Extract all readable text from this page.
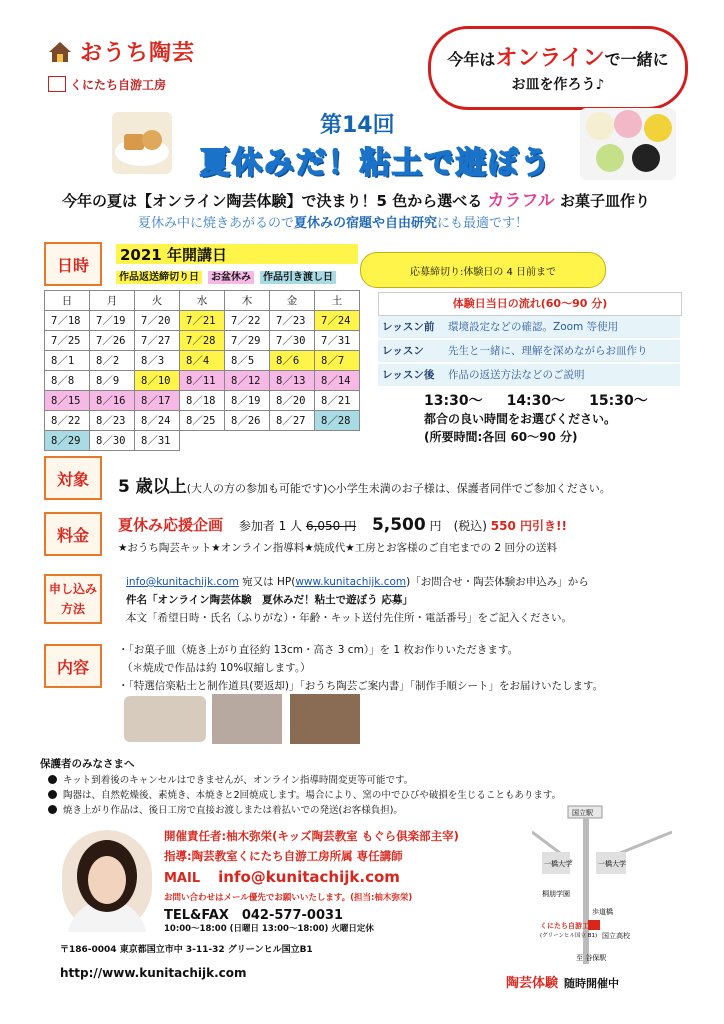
おうち陶芸
くにたち自游工房
今年はオンラインで一緒に
お皿を作ろう♪
第14回
夏休みだ！粘土で遊ぼう
今年の夏は【オンライン陶芸体験】で決まり！5 色から選べる カラフル お菓子皿作り
夏休み中に焼きあがるので夏休みの宿題や自由研究にも最適です！
日時
2021 年開講日
作品返送締切り日 お盆休み 作品引き渡し日	応募締切り:体験日の 4 日前まで
日	月	火	水	木	金	土
7／18	7／19	7／20	7／21	7／22	7／23	7／24
7／25	7／26	7／27	7／28	7／29	7／30	7／31
8／1	8／2	8／3	8／4	8／5	8／6	8／7
8／8	8／9	8／10	8／11	8／12	8／13	8／14
8／15	8／16	8／17	8／18	8／19	8／20	8／21
8／22	8／23	8／24	8／25	8／26	8／27	8／28
8／29	8／30	8／31				
体験日当日の流れ(60～90 分)
レッスン前 環境設定などの確認。Zoom 等使用
レッスン 先生と一緒に、理解を深めながらお皿作り
レッスン後 作品の返送方法などのご説明
13:30～ 14:30～ 15:30～
都合の良い時間をお選びください。
(所要時間:各回 60～90 分)
対象	5 歳以上(大人の方の参加も可能です)◇小学生未満のお子様は、保護者同伴でご参加ください。
料金
夏休み応援企画　 参加者 1 人 6,050 円　 5,500 円　 (税込) 550 円引き!!
★おうち陶芸キット★オンライン指導料★焼成代★工房とお客様のご自宅までの 2 回分の送料
申し込み
方法
info@kunitachijk.com 宛又は HP(www.kunitachijk.com)「お問合せ・陶芸体験お申込み」から
件名「オンライン陶芸体験　夏休みだ！粘土で遊ぼう 応募」
本文「希望日時・氏名（ふりがな）・年齢・キット送付先住所・電話番号」をご記入ください。
内容
・「お菓子皿（焼き上がり直径約 13cm・高さ 3 cm）」を 1 枚お作りいただきます。
（＊焼成で作品は約 10%収縮します。）
・「特選信楽粘土と制作道具(要返却)」「おうち陶芸ご案内書」「制作手順シート」をお届けいたします。
保護者のみなさまへ
キット到着後のキャンセルはできませんが、オンライン指導時間変更等可能です。
陶器は、自然乾燥後、素焼き、本焼きと2回焼成します。場合により、窯の中でひびや破損を生じることもあります。
焼き上がり作品は、後日工房で直接お渡しまたは着払いでの発送(お客様負担)。
開催責任者:柚木弥栄(キッズ陶芸教室 もぐら倶楽部主宰)
指導:陶芸教室くにたち自游工房所属 専任講師
MAIL info@kunitachijk.com
お問い合わせはメール優先でお願いいたします。(担当:柚木弥栄)
TEL&FAX　042-577-0031
10:00～18:00 (日曜日 13:00～18:00) 火曜日定休
〒186-0004 東京都国立市中 3-11-32 グリーンヒル国立B1
http://www.kunitachijk.com
国立駅
一橋大学	一橋大学
桐朋学園
歩道橋
くにたち自游工房
(グリーンヒル国立 B1) 国立高校
至 谷保駅
陶芸体験 随時開催中
